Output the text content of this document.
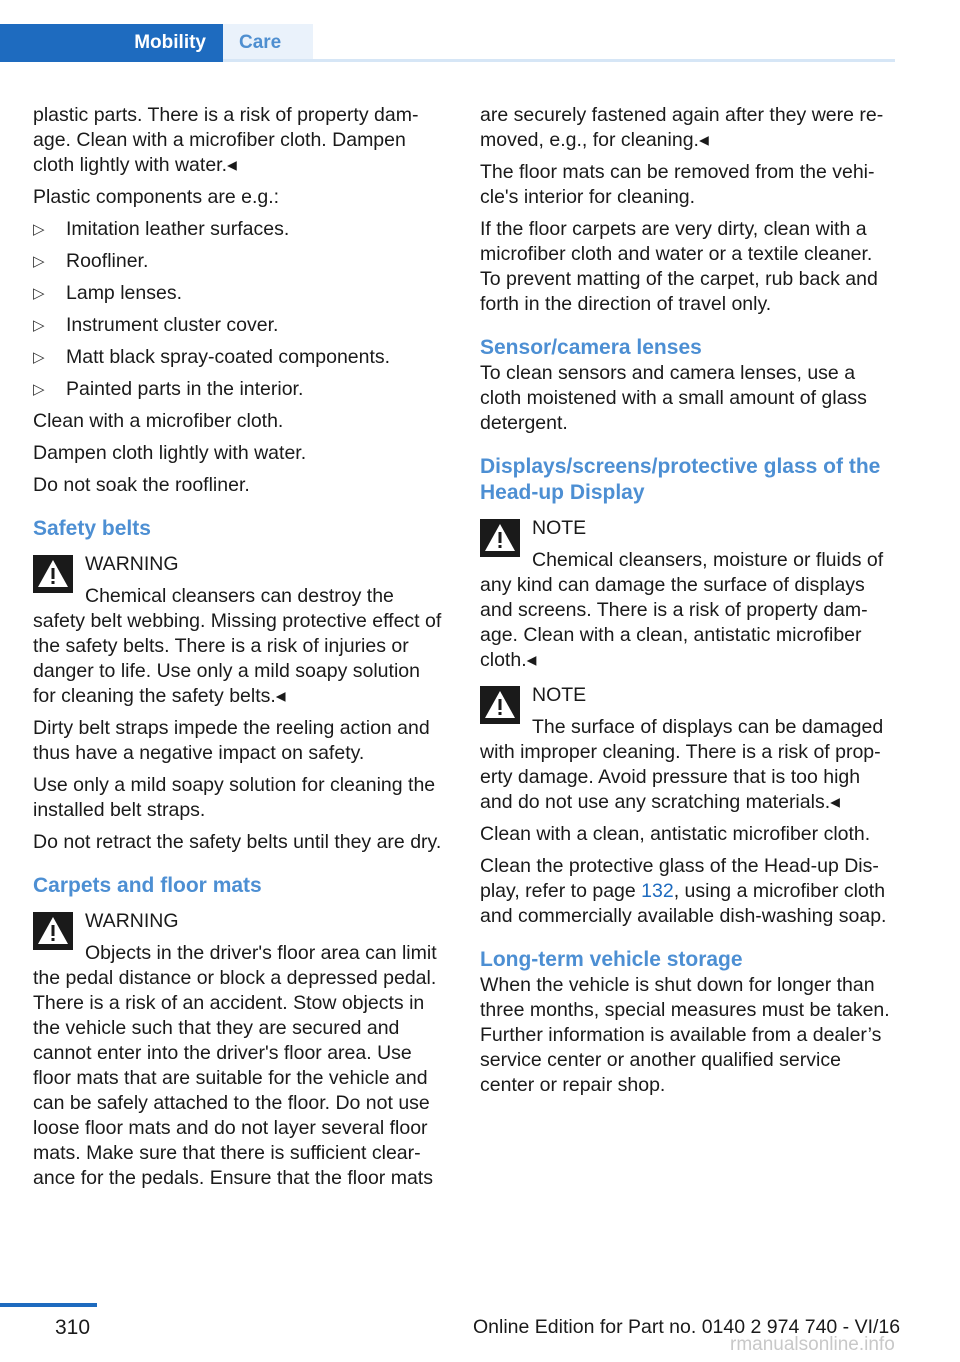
Mobility	Care

plastic parts. There is a risk of property damage. Clean with a microfiber cloth. Dampen cloth lightly with water.◂

Plastic components are e.g.:

▷ Imitation leather surfaces.
▷ Roofliner.
▷ Lamp lenses.
▷ Instrument cluster cover.
▷ Matt black spray-coated components.
▷ Painted parts in the interior.

Clean with a microfiber cloth.

Dampen cloth lightly with water.

Do not soak the roofliner.

Safety belts
WARNING
Chemical cleansers can destroy the safety belt webbing. Missing protective effect of the safety belts. There is a risk of injuries or danger to life. Use only a mild soapy solution for cleaning the safety belts.◂

Dirty belt straps impede the reeling action and thus have a negative impact on safety.

Use only a mild soapy solution for cleaning the installed belt straps.

Do not retract the safety belts until they are dry.

Carpets and floor mats
WARNING
Objects in the driver's floor area can limit the pedal distance or block a depressed pedal. There is a risk of an accident. Stow objects in the vehicle such that they are secured and cannot enter into the driver's floor area. Use floor mats that are suitable for the vehicle and can be safely attached to the floor. Do not use loose floor mats and do not layer several floor mats. Make sure that there is sufficient clearance for the pedals. Ensure that the floor mats

are securely fastened again after they were removed, e.g., for cleaning.◂

The floor mats can be removed from the vehicle's interior for cleaning.

If the floor carpets are very dirty, clean with a microfiber cloth and water or a textile cleaner. To prevent matting of the carpet, rub back and forth in the direction of travel only.

Sensor/camera lenses

To clean sensors and camera lenses, use a cloth moistened with a small amount of glass detergent.

Displays/screens/protective glass of the Head-up Display
NOTE
Chemical cleansers, moisture or fluids of any kind can damage the surface of displays and screens. There is a risk of property damage. Clean with a clean, antistatic microfiber cloth.◂
NOTE
The surface of displays can be damaged with improper cleaning. There is a risk of property damage. Avoid pressure that is too high and do not use any scratching materials.◂

Clean with a clean, antistatic microfiber cloth.

Clean the protective glass of the Head-up Display, refer to page 132, using a microfiber cloth and commercially available dish-washing soap.

Long-term vehicle storage

When the vehicle is shut down for longer than three months, special measures must be taken. Further information is available from a dealer’s service center or another qualified service center or repair shop.

310	Online Edition for Part no. 0140 2 974 740 - VI/16
rmanualsonline.info
